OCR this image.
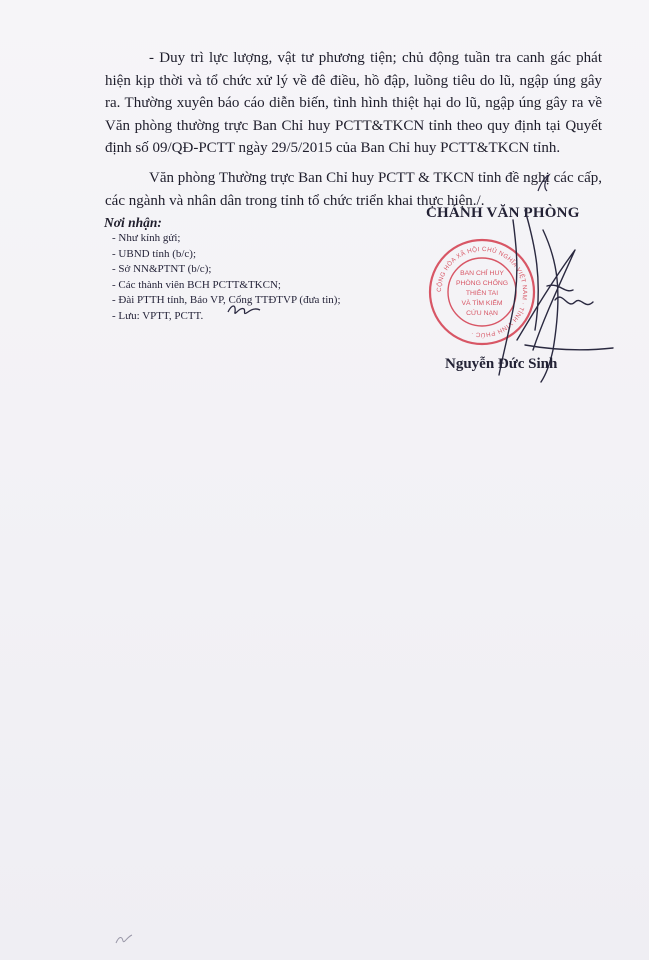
- Duy trì lực lượng, vật tư phương tiện; chủ động tuần tra canh gác phát hiện kịp thời và tổ chức xử lý về đê điều, hồ đập, luồng tiêu do lũ, ngập úng gây ra. Thường xuyên báo cáo diễn biến, tình hình thiệt hại do lũ, ngập úng gây ra về Văn phòng thường trực Ban Chỉ huy PCTT&TKCN tỉnh theo quy định tại Quyết định số 09/QĐ-PCTT ngày 29/5/2015 của Ban Chỉ huy PCTT&TKCN tỉnh.

Văn phòng Thường trực Ban Chỉ huy PCTT & TKCN tỉnh đề nghị các cấp, các ngành và nhân dân trong tỉnh tổ chức triển khai thực hiện./.

Nơi nhận:
- Như kính gửi;
- UBND tỉnh (b/c);
- Sở NN&PTNT (b/c);
- Các thành viên BCH PCTT&TKCN;
- Đài PTTH tỉnh, Báo VP, Cổng TTĐTVP (đưa tin);
- Lưu: VPTT, PCTT.
CHÁNH VĂN PHÒNG
CỘNG HÒA XÃ HỘI CHỦ NGHĨA VIỆT NAM · TỈNH VĨNH PHÚC ·
BAN CHỈ HUY
PHÒNG CHỐNG
THIÊN TAI
VÀ TÌM KIẾM
CỨU NẠN
Nguyễn Đức Sinh
